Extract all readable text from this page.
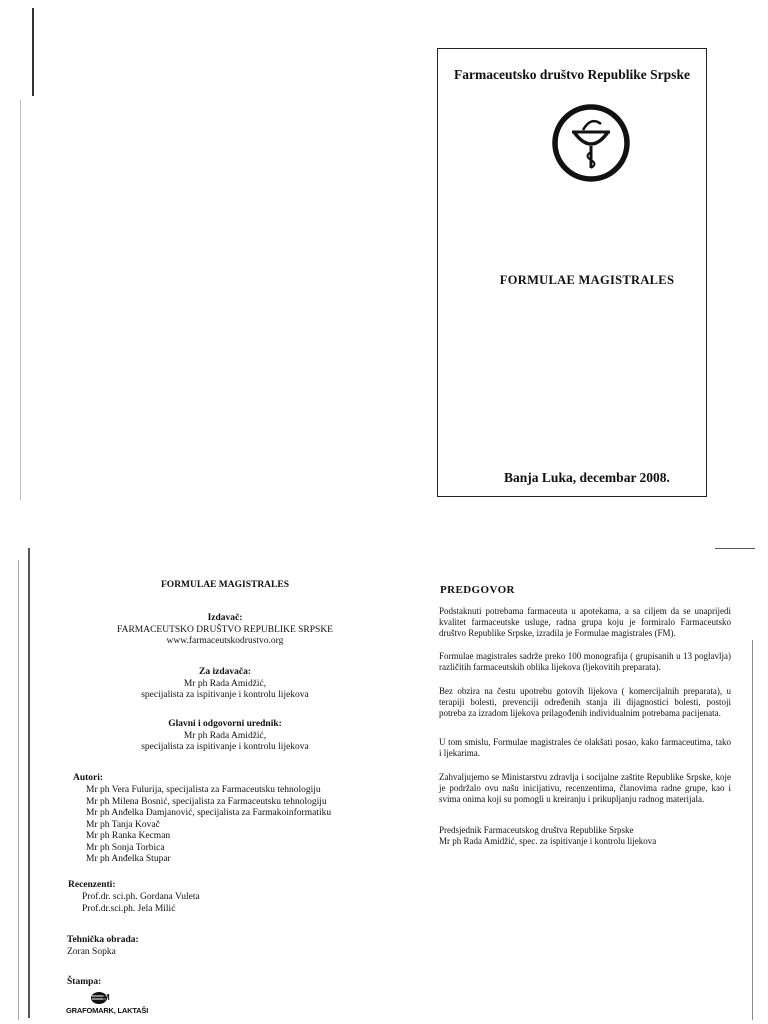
Farmaceutsko društvo Republike Srpske
FORMULAE MAGISTRALES
Banja Luka, decembar 2008.
FORMULAE MAGISTRALES
Izdavač:
FARMACEUTSKO DRUŠTVO REPUBLIKE SRPSKE
www.farmaceutskodrustvo.org
Za izdavača:
Mr ph Rada Amidžić,
specijalista za ispitivanje i kontrolu lijekova
Glavni i odgovorni urednik:
Mr ph Rada Amidžić,
specijalista za ispitivanje i kontrolu lijekova
Autori:
Mr ph Vera Fulurija, specijalista za Farmaceutsku tehnologiju
Mr ph Milena Bosnić, specijalista za Farmaceutsku tehnologiju
Mr ph Anđelka Damjanović, specijalista za Farmakoinformatiku
Mr ph Tanja Kovač
Mr ph Ranka Kecman
Mr ph Sonja Torbica
Mr ph Anđelka Stupar
Recenzenti:
Prof.dr. sci.ph. Gordana Vuleta
Prof.dr.sci.ph. Jela Milić
Tehnička obrada:
Zoran Sopka
Štampa:
M
GRAFOMARK, LAKTAŠI
PREDGOVOR
Podstaknuti potrebama farmaceuta u apotekama, a sa ciljem da se unaprijedi kvalitet farmaceutske usluge, radna grupa koju je formiralo Farmaceutsko društvo Republike Srpske, izradila je Formulae magistrales (FM).
Formulae magistrales sadrže preko 100 monografija ( grupisanih u 13 poglavlja) različitih farmaceutskih oblika lijekova (ljekovitih preparata).
Bez obzira na čestu upotrebu gotovih lijekova ( komercijalnih preparata), u terapiji bolesti, prevenciji određenih stanja ili dijagnostici bolesti, postoji potreba za izradom lijekova prilagođenih individualnim potrebama pacijenata.
U tom smislu, Formulae magistrales će olakšati posao, kako farmaceutima, tako i ljekarima.
Zahvaljujemo se Ministarstvu zdravlja i socijalne zaštite Republike Srpske, koje je podržalo ovu našu inicijativu, recenzentima, članovima radne grupe, kao i svima onima koji su pomogli u kreiranju i prikupljanju radnog materijala.
Predsjednik Farmaceutskog društva Republike Srpske
Mr ph Rada Amidžić, spec. za ispitivanje i kontrolu lijekova
